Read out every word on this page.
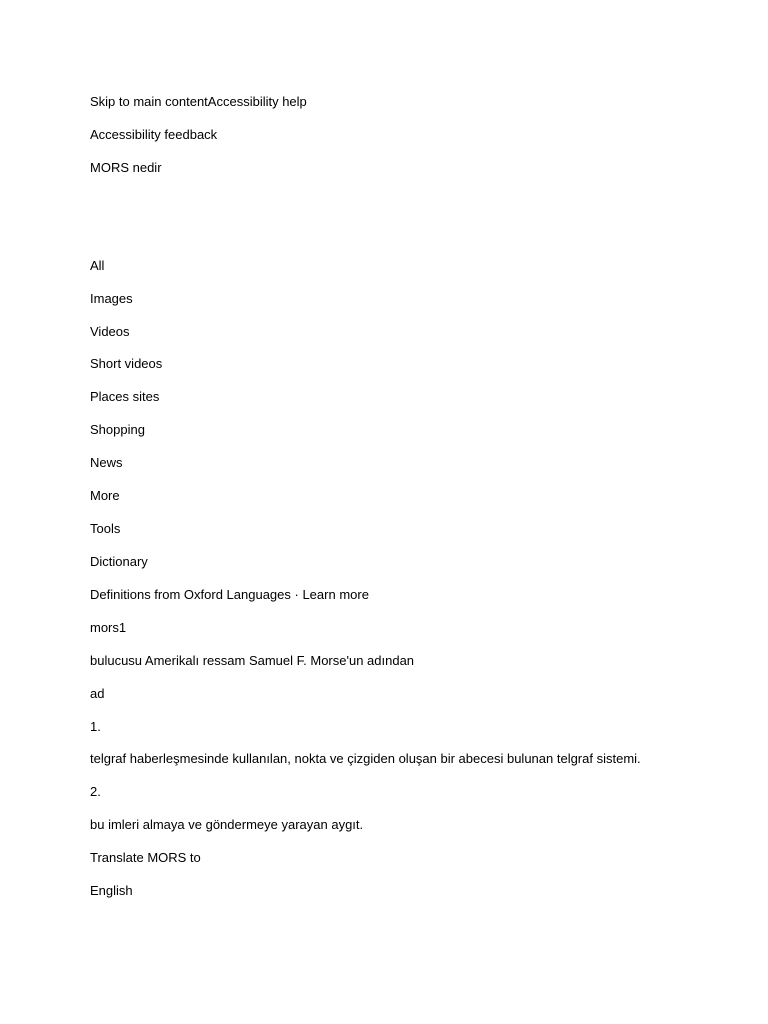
Skip to main contentAccessibility help
Accessibility feedback
MORS nedir
All
Images
Videos
Short videos
Places sites
Shopping
News
More
Tools
Dictionary
Definitions from Oxford Languages · Learn more
mors1
bulucusu Amerikalı ressam Samuel F. Morse'un adından
ad
1.
telgraf haberleşmesinde kullanılan, nokta ve çizgiden oluşan bir abecesi bulunan telgraf sistemi.
2.
bu imleri almaya ve göndermeye yarayan aygıt.
Translate MORS to
English
